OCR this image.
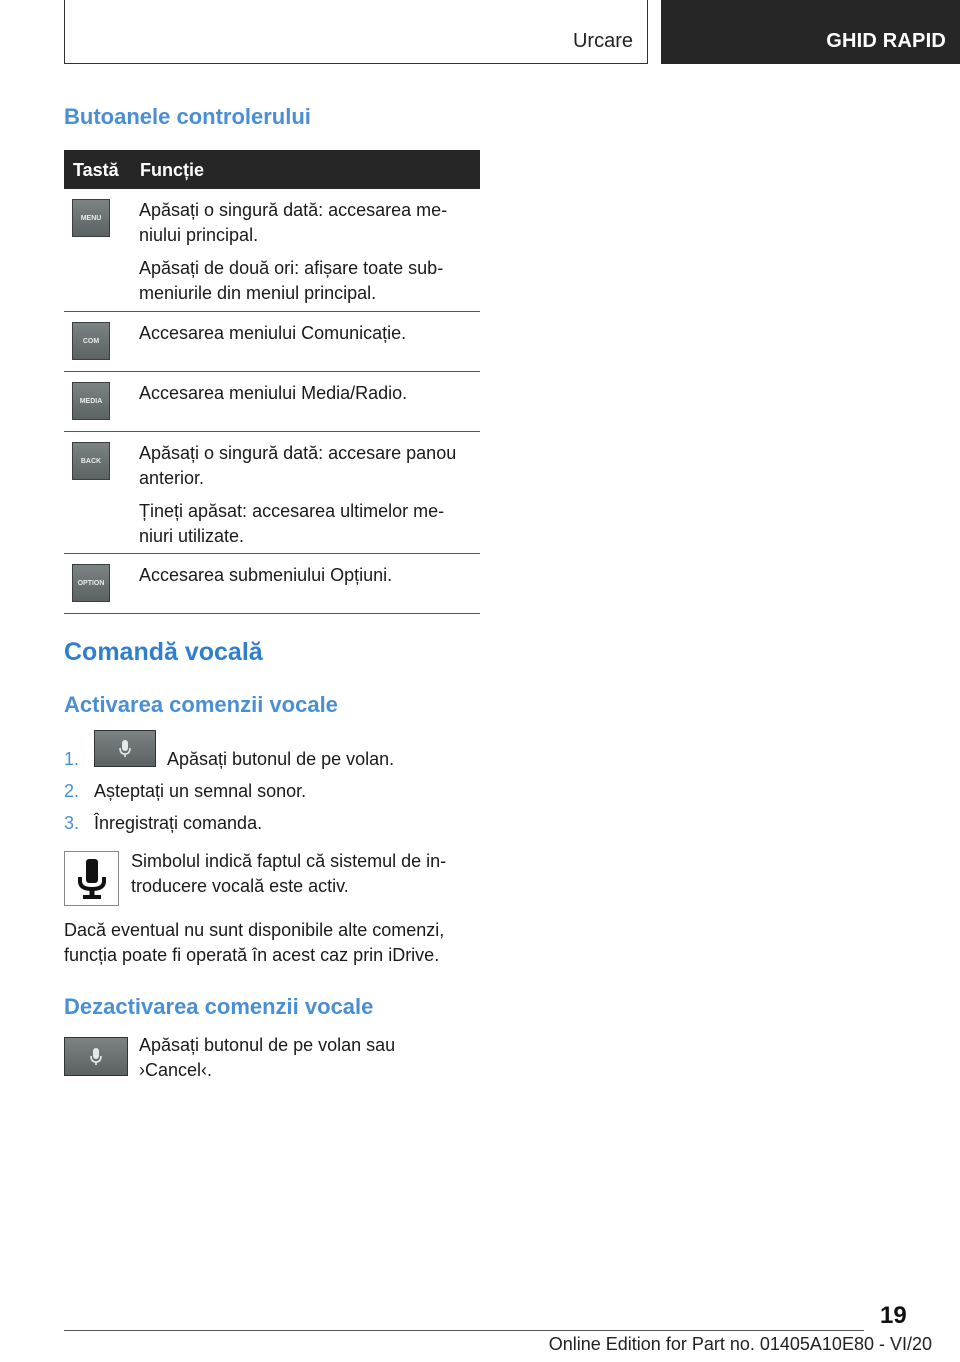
Urcare	GHID RAPID
Butoanele controlerului
Tastă Funcție
MENU	Apăsați o singură dată: accesarea me-niului principal.

Apăsați de două ori: afișare toate sub-meniurile din meniul principal.

COM	Accesarea meniului Comunicație.

MEDIA	Accesarea meniului Media/Radio.

BACK	Apăsați o singură dată: accesare panou anterior.

Țineți apăsat: accesarea ultimelor me-niuri utilizate.

OPTION	Accesarea submeniului Opțiuni.

Comandă vocală
Activarea comenzii vocale
1.	Apăsați butonul de pe volan.
2. Așteptați un semnal sonor.
3. Înregistrați comanda.
Simbolul indică faptul că sistemul de in-troducere vocală este activ.
Dacă eventual nu sunt disponibile alte comenzi, funcția poate fi operată în acest caz prin iDrive.
Dezactivarea comenzii vocale
Apăsați butonul de pe volan sau ›Cancel‹.
19
Online Edition for Part no. 01405A10E80 - VI/20
